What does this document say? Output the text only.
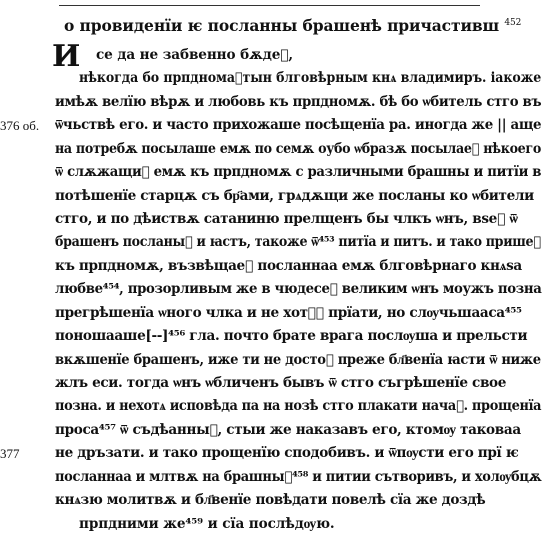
о провиденїи ѥ посланны брашенѣ причастивш $^{452}$
И
376 об.
377
се да не забвенно бѫдеⷮ,
нѣкогда бо прпдномаⷩтын блговѣрным кнѧ владимиръ. іакоже
имѣѫ велїю вѣрѫ и любовь къ прпдномѫ. бѣ бо ѡбитель стго въ
ѿчьствѣ его. и часто прихожаше посѣщенїа ра. иногда же || аще
на потребѫ посылаше емѫ по семѫ оубо ѡбразѫ посылаеⷮ нѣкоего
ѿ слѫжащиⷯ емѫ къ прпдномѫ с различными брашны и питїи в
потѣшенїе старцѫ съ бр҃ами, грѧдѫщи же посланы ко ѡбители
стго, и по дѣиствѫ сатаниню прелщенъ бы члкъ ѡнъ, вѕеⷨ ѿ
брашенъ посланыⷯ и ꙗстъ, такоже ѿ⁴⁵³ питїа и питъ. и тако пришеⷣ
къ прпдномѫ, възвѣщаеⷮ посланнаа емѫ блговѣрнаго кнѧѕа
любве⁴⁵⁴, прозорливым же в чюдесеⷯ великим ѡнъ моужъ позна
прегрѣшенїа ѡного члка и не хотѧⷲ прїати, но слѹчьшааса⁴⁵⁵
поношааше[--]⁴⁵⁶ гла. почто брате врага послѹша и прельсти
вкѫшенїе брашенъ, иже ти не достоⷩ преже бл҃венїа ꙗсти ѿ ниже
жлъ еси. тогда ѡнъ ѡбличенъ бывъ ѿ стго съгрѣшенїе свое
позна. и нехотѧ исповѣда па на нозѣ стго плакати начаⷮ. прощенїа
проса⁴⁵⁷ ѿ съдѣанныⷯ, стыи же наказавъ его, ктомѹ таковаа
не дръзати. и тако прощенїю сподобивъ. и ѿпѹсти его прї ѥ
посланнаа и млтвѫ на брашныⷣ⁴⁵⁸ и питии сътворивъ, и холѹбцѫ
кнѧзю молитвѫ и бл҃венїе повѣдати повелѣ сїа же доздѣ
прпдними же⁴⁵⁹ и сїа послѣдѹю.
